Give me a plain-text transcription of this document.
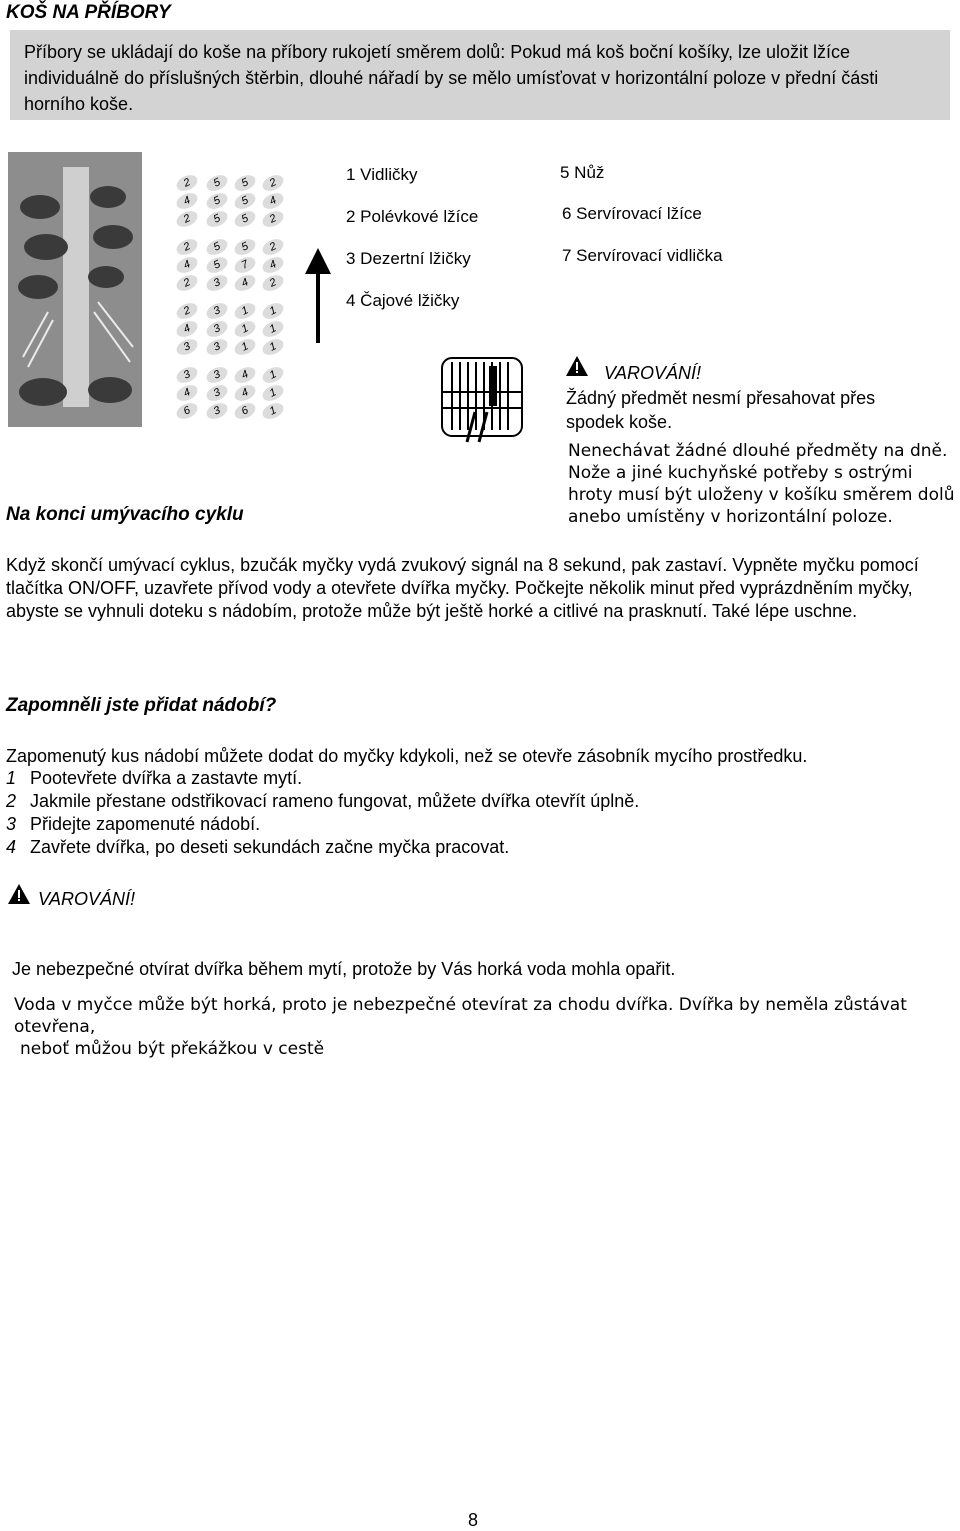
KOŠ NA PŘÍBORY
Příbory se ukládají do koše na příbory rukojetí směrem dolů: Pokud má koš boční košíky, lze uložit lžíce individuálně do příslušných štěrbin, dlouhé nářadí by se mělo umísťovat v horizontální poloze v přední části horního koše.
2	5	5	2
4	5	5	4
2	5	5	2
2	5	5	2
4	5	7	4
2	3	4	2
2	3	1	1
4	3	1	1
3	3	1	1
3	3	4	1
4	3	4	1
6	3	6	1
1 Vidličky
2 Polévkové lžíce
3 Dezertní lžičky
4 Čajové lžičky
5 Nůž
6 Servírovací lžíce
7 Servírovací vidlička
VAROVÁNÍ!
Žádný předmět nesmí přesahovat přes spodek koše.
Nenechávat žádné dlouhé předměty na dně. Nože a jiné kuchyňské potřeby s ostrými hroty musí být uloženy v košíku směrem dolů anebo umístěny v horizontální poloze.
Na konci umývacího cyklu
Když skončí umývací cyklus, bzučák myčky vydá zvukový signál na 8 sekund, pak zastaví. Vypněte myčku pomocí tlačítka ON/OFF, uzavřete přívod vody a otevřete dvířka myčky. Počkejte několik minut před vyprázdněním myčky, abyste se vyhnuli doteku s nádobím, protože může být ještě horké a citlivé na prasknutí. Také lépe uschne.
Zapomněli jste přidat nádobí?
Zapomenutý kus nádobí můžete dodat do myčky kdykoli, než se otevře zásobník mycího prostředku.
1 Pootevřete dvířka a zastavte mytí.
2 Jakmile přestane odstřikovací rameno fungovat, můžete dvířka otevřít úplně.
3 Přidejte zapomenuté nádobí.
4 Zavřete dvířka, po deseti sekundách začne myčka pracovat.
VAROVÁNÍ!
Je nebezpečné otvírat dvířka během mytí, protože by Vás horká voda mohla opařit.
Voda v myčce může být horká, proto je nebezpečné otevírat za chodu dvířka. Dvířka by neměla zůstávat otevřena,
neboť můžou být překážkou v cestě
8
